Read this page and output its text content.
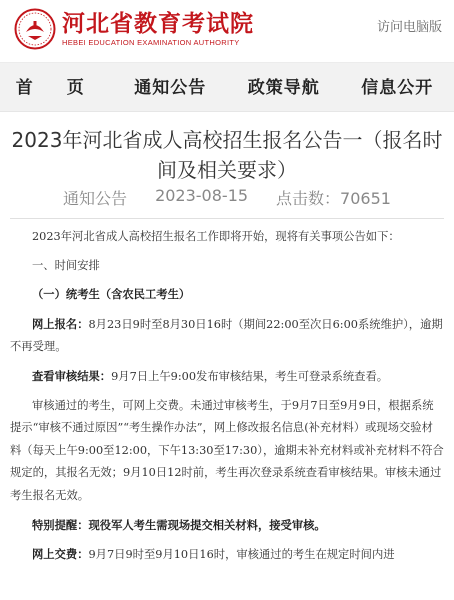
河北省教育考试院
HEBEI EDUCATION EXAMINATION AUTHORITY
访问电脑版
首 页	通知公告	政策导航	信息公开
2023年河北省成人高校招生报名公告一（报名时间及相关要求）
通知公告 2023-08-15 点击数：70651

2023年河北省成人高校招生报名工作即将开始，现将有关事项公告如下：

一、时间安排

（一）统考生（含农民工考生）

网上报名：8月23日9时至8月30日16时（期间22:00至次日6:00系统维护），逾期不再受理。

查看审核结果：9月7日上午9:00发布审核结果，考生可登录系统查看。

审核通过的考生，可网上交费。未通过审核考生，于9月7日至9月9日，根据系统提示“审核不通过原因”“考生操作办法”，网上修改报名信息(补充材料）或现场交验材料（每天上午9:00至12:00，下午13:30至17:30），逾期未补充材料或补充材料不符合规定的，其报名无效；9月10日12时前，考生再次登录系统查看审核结果。审核未通过考生报名无效。

特别提醒：现役军人考生需现场提交相关材料，接受审核。

网上交费：9月7日9时至9月10日16时，审核通过的考生在规定时间内进
